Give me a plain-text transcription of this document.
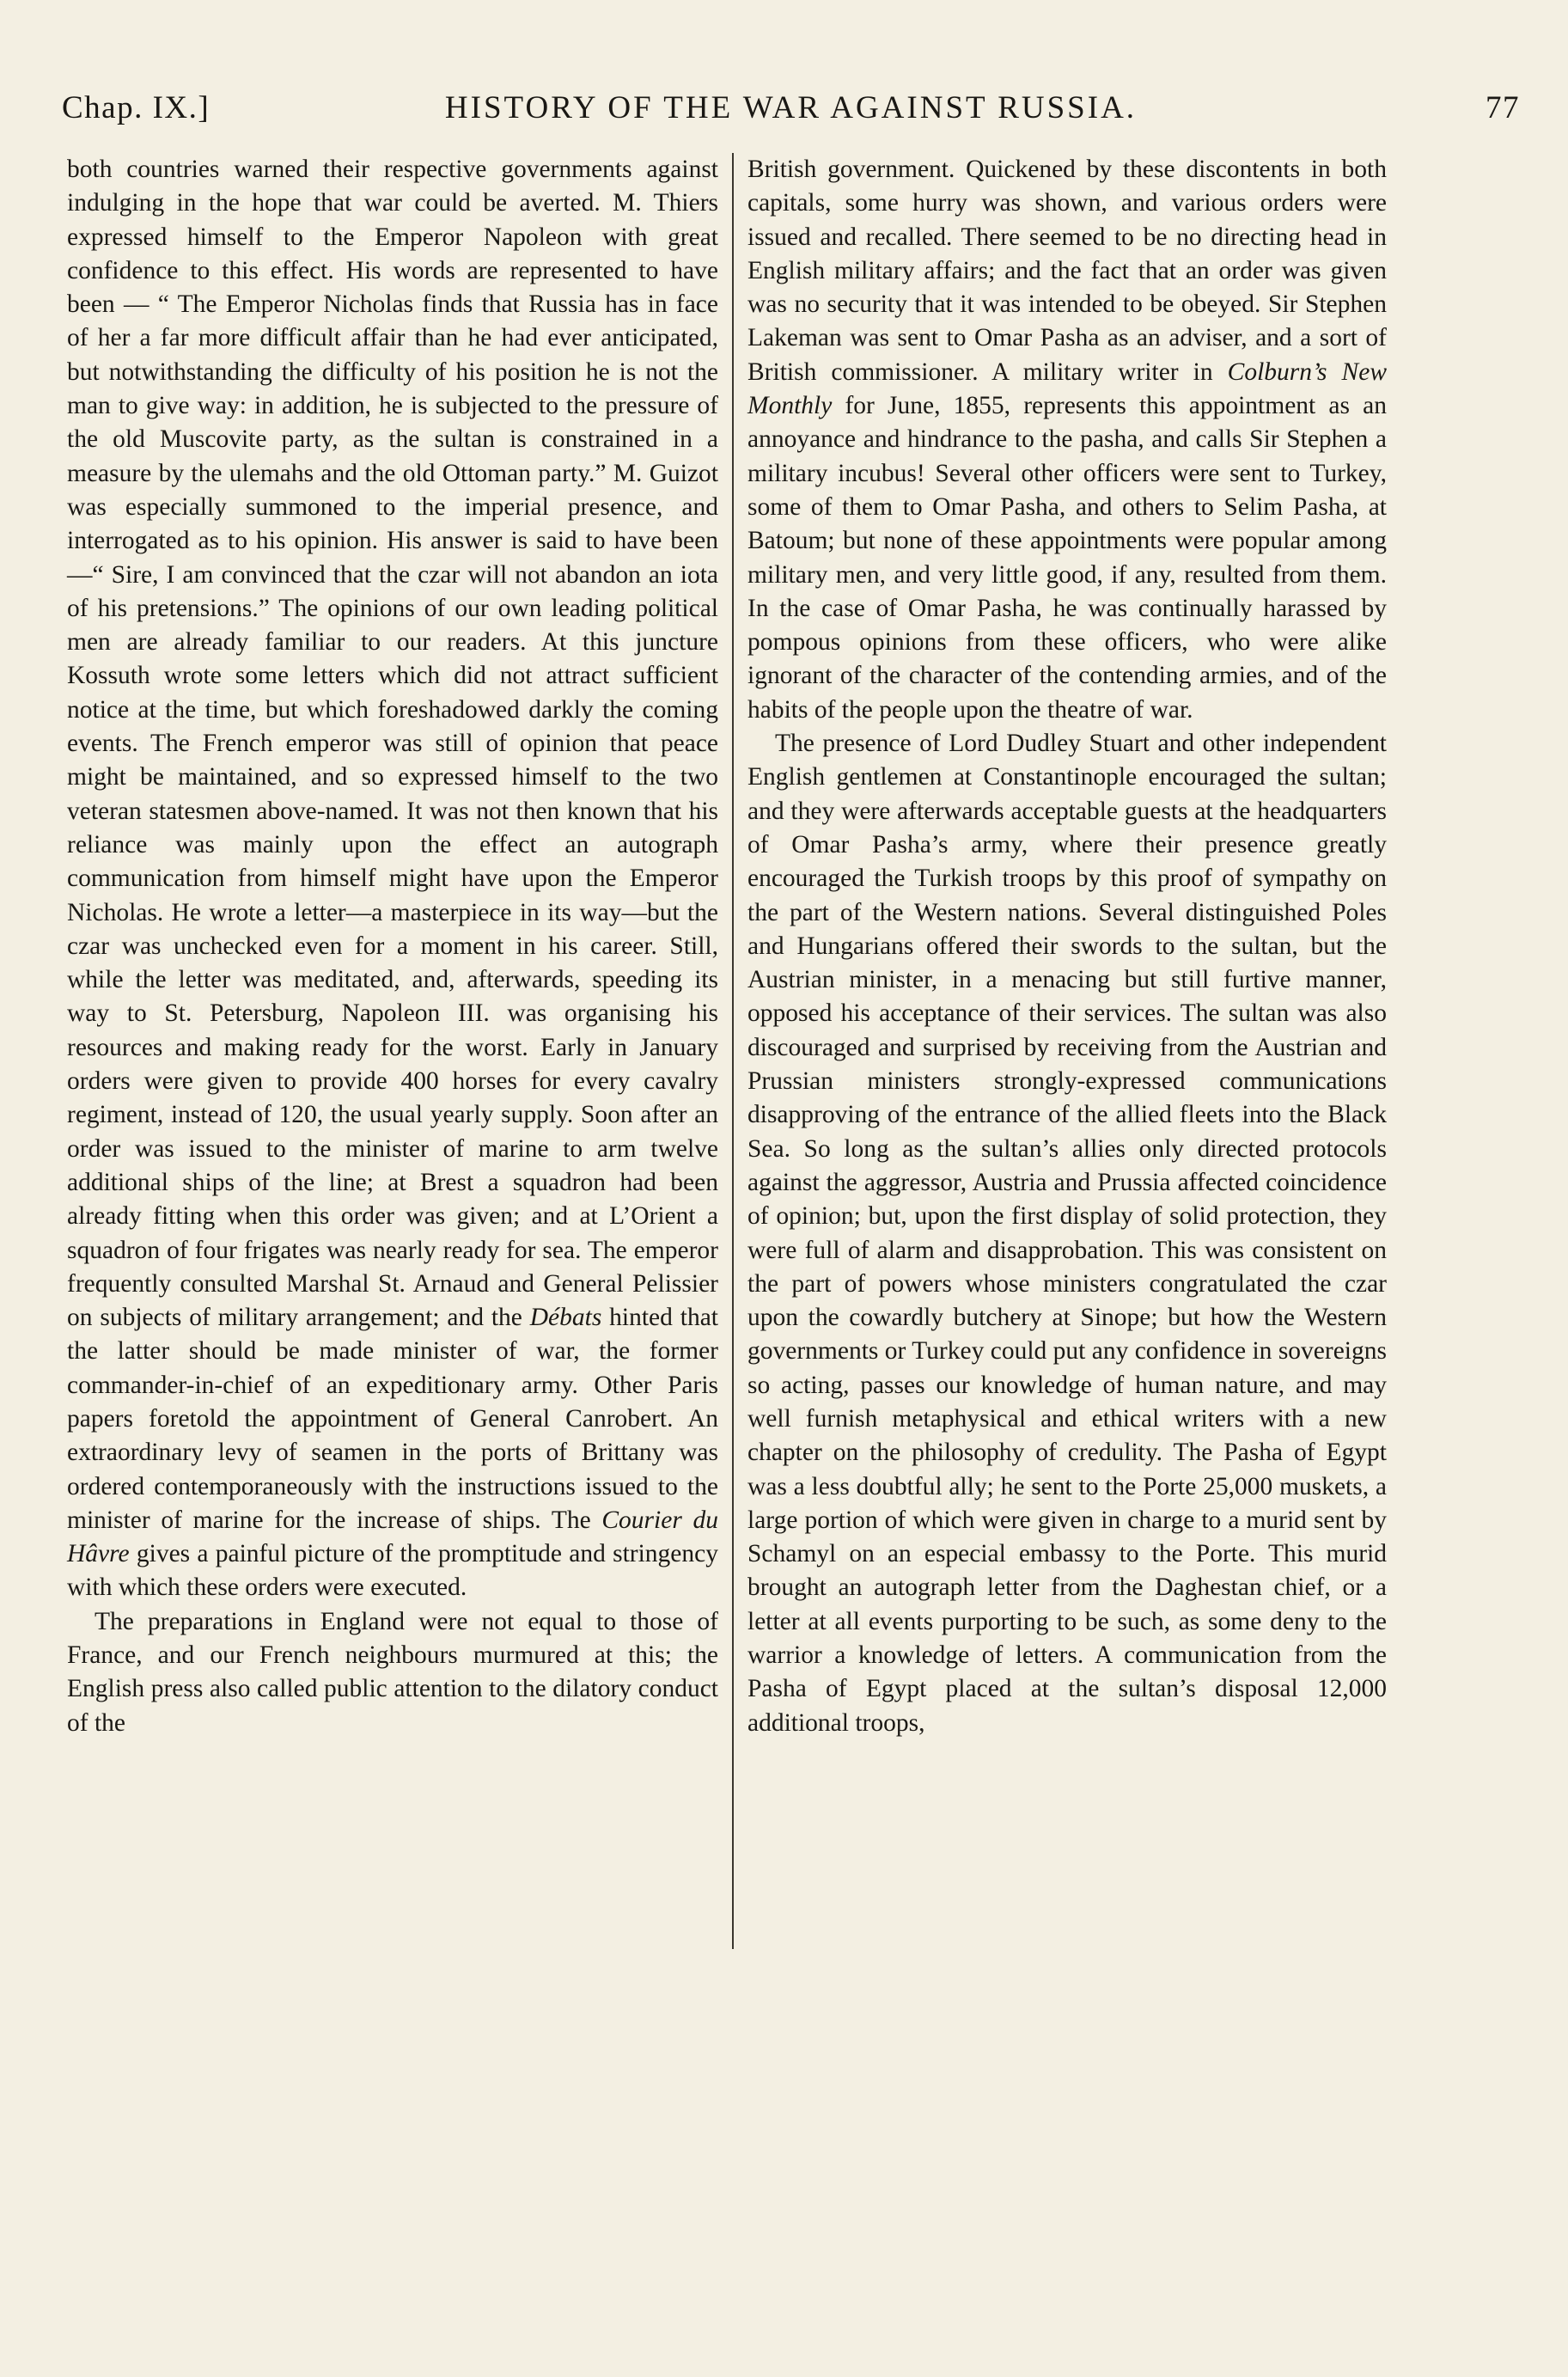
Chap. IX.]	HISTORY OF THE WAR AGAINST RUSSIA.	77

both countries warned their respective governments against indulging in the hope that war could be averted. M. Thiers expressed himself to the Emperor Napoleon with great confidence to this effect. His words are represented to have been — “ The Emperor Nicholas finds that Russia has in face of her a far more difficult affair than he had ever anticipated, but notwithstanding the difficulty of his position he is not the man to give way: in addition, he is subjected to the pressure of the old Muscovite party, as the sultan is constrained in a measure by the ulemahs and the old Ottoman party.” M. Guizot was especially summoned to the imperial presence, and interrogated as to his opinion. His answer is said to have been—“ Sire, I am convinced that the czar will not abandon an iota of his pretensions.” The opinions of our own leading political men are already familiar to our readers. At this juncture Kossuth wrote some letters which did not attract sufficient notice at the time, but which foreshadowed darkly the coming events. The French emperor was still of opinion that peace might be maintained, and so expressed himself to the two veteran statesmen above-named. It was not then known that his reliance was mainly upon the effect an autograph communication from himself might have upon the Emperor Nicholas. He wrote a letter—a masterpiece in its way—but the czar was unchecked even for a moment in his career. Still, while the letter was meditated, and, afterwards, speeding its way to St. Petersburg, Napoleon III. was organising his resources and making ready for the worst. Early in January orders were given to provide 400 horses for every cavalry regiment, instead of 120, the usual yearly supply. Soon after an order was issued to the minister of marine to arm twelve additional ships of the line; at Brest a squadron had been already fitting when this order was given; and at L’Orient a squadron of four frigates was nearly ready for sea. The emperor frequently consulted Marshal St. Arnaud and General Pelissier on subjects of military arrangement; and the Débats hinted that the latter should be made minister of war, the former commander-in-chief of an expeditionary army. Other Paris papers foretold the appointment of General Canrobert. An extraordinary levy of seamen in the ports of Brittany was ordered contemporaneously with the instructions issued to the minister of marine for the increase of ships. The Courier du Hâvre gives a painful picture of the promptitude and stringency with which these orders were executed.

The preparations in England were not equal to those of France, and our French neighbours murmured at this; the English press also called public attention to the dilatory conduct of the

British government. Quickened by these discontents in both capitals, some hurry was shown, and various orders were issued and recalled. There seemed to be no directing head in English military affairs; and the fact that an order was given was no security that it was intended to be obeyed. Sir Stephen Lakeman was sent to Omar Pasha as an adviser, and a sort of British commissioner. A military writer in Colburn’s New Monthly for June, 1855, represents this appointment as an annoyance and hindrance to the pasha, and calls Sir Stephen a military incubus! Several other officers were sent to Turkey, some of them to Omar Pasha, and others to Selim Pasha, at Batoum; but none of these appointments were popular among military men, and very little good, if any, resulted from them. In the case of Omar Pasha, he was continually harassed by pompous opinions from these officers, who were alike ignorant of the character of the contending armies, and of the habits of the people upon the theatre of war.

The presence of Lord Dudley Stuart and other independent English gentlemen at Constantinople encouraged the sultan; and they were afterwards acceptable guests at the headquarters of Omar Pasha’s army, where their presence greatly encouraged the Turkish troops by this proof of sympathy on the part of the Western nations. Several distinguished Poles and Hungarians offered their swords to the sultan, but the Austrian minister, in a menacing but still furtive manner, opposed his acceptance of their services. The sultan was also discouraged and surprised by receiving from the Austrian and Prussian ministers strongly-expressed communications disapproving of the entrance of the allied fleets into the Black Sea. So long as the sultan’s allies only directed protocols against the aggressor, Austria and Prussia affected coincidence of opinion; but, upon the first display of solid protection, they were full of alarm and disapprobation. This was consistent on the part of powers whose ministers congratulated the czar upon the cowardly butchery at Sinope; but how the Western governments or Turkey could put any confidence in sovereigns so acting, passes our knowledge of human nature, and may well furnish metaphysical and ethical writers with a new chapter on the philosophy of credulity. The Pasha of Egypt was a less doubtful ally; he sent to the Porte 25,000 muskets, a large portion of which were given in charge to a murid sent by Schamyl on an especial embassy to the Porte. This murid brought an autograph letter from the Daghestan chief, or a letter at all events purporting to be such, as some deny to the warrior a knowledge of letters. A communication from the Pasha of Egypt placed at the sultan’s disposal 12,000 additional troops,
